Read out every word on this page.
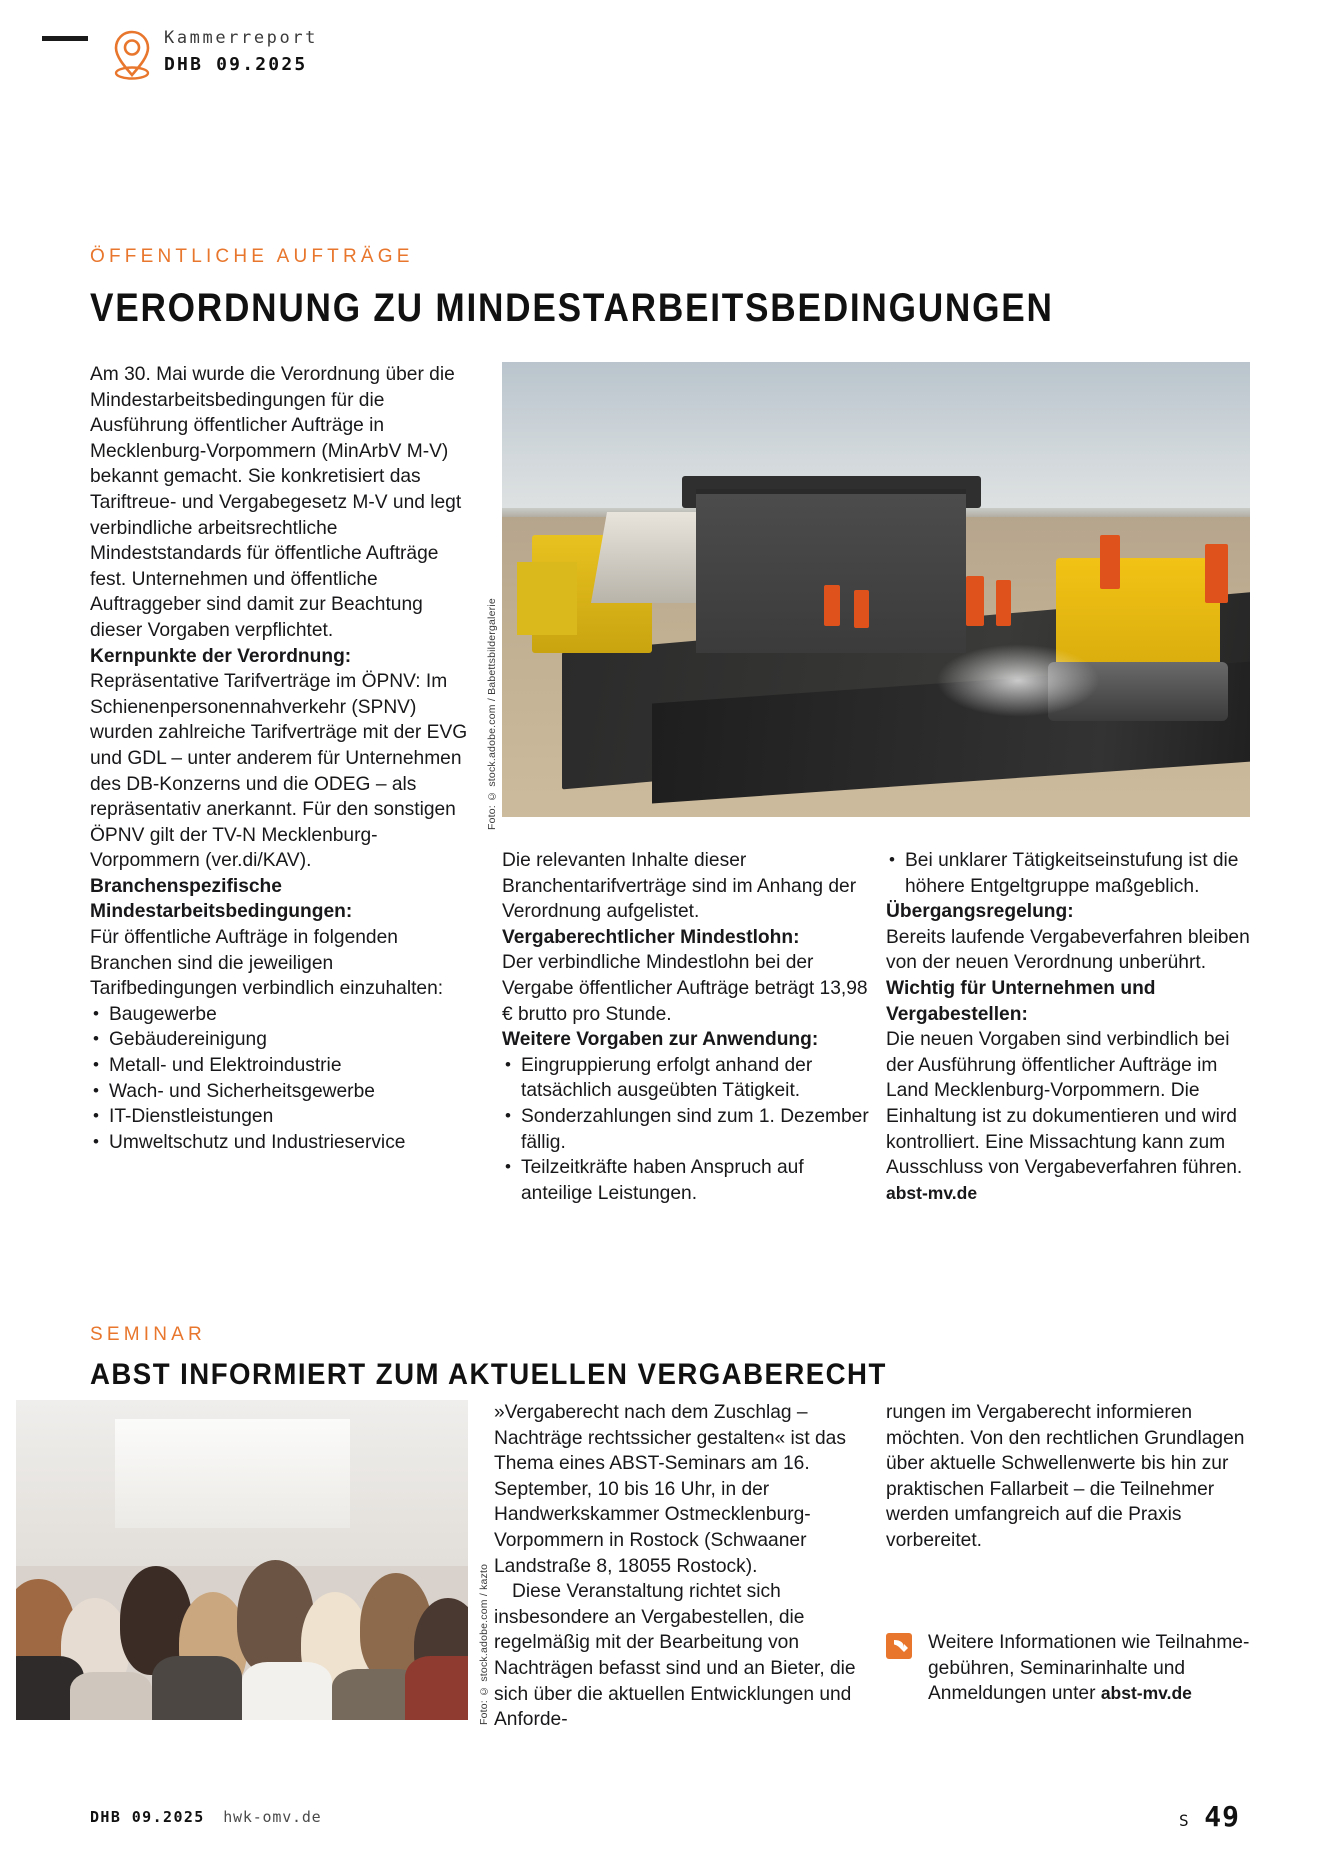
Kammerreport
DHB 09.2025
ÖFFENTLICHE AUFTRÄGE
VERORDNUNG ZU MINDESTARBEITSBEDINGUNGEN
Foto: © stock.adobe.com / Babettsbildergalerie

Am 30. Mai wurde die Verordnung über die Mindestarbeitsbedingungen für die Ausführung öffentlicher Aufträge in Mecklenburg-Vorpommern (MinArbV M-V) bekannt gemacht. Sie konkretisiert das Tariftreue- und Vergabegesetz M-V und legt verbindliche arbeitsrechtliche Mindeststandards für öffentliche Aufträge fest. Unternehmen und öffentliche Auftraggeber sind damit zur Beachtung dieser Vorgaben verpflichtet.

Kernpunkte der Verordnung:

Repräsentative Tarifverträge im ÖPNV: Im Schienenpersonennahverkehr (SPNV) wurden zahlreiche Tarifverträge mit der EVG und GDL – unter anderem für Unternehmen des DB-Konzerns und die ODEG – als repräsentativ anerkannt. Für den sonstigen ÖPNV gilt der TV-N Mecklenburg-Vorpommern (ver.di/KAV).

Branchenspezifische Mindestarbeitsbedingungen:

Für öffentliche Aufträge in folgenden Branchen sind die jeweiligen Tarifbedingungen verbindlich einzuhalten:

• Baugewerbe
• Gebäudereinigung
• Metall- und Elektroindustrie
• Wach- und Sicherheitsgewerbe
• IT-Dienstleistungen
• Umweltschutz und Industrieservice

Die relevanten Inhalte dieser Branchentarifverträge sind im Anhang der Verordnung aufgelistet.

Vergaberechtlicher Mindestlohn:

Der verbindliche Mindestlohn bei der Vergabe öffentlicher Aufträge beträgt 13,98 € brutto pro Stunde.

Weitere Vorgaben zur Anwendung:

• Eingruppierung erfolgt anhand der tatsächlich ausgeübten Tätigkeit.
• Sonderzahlungen sind zum 1. Dezember fällig.
• Teilzeitkräfte haben Anspruch auf anteilige Leistungen.
• Bei unklarer Tätigkeitseinstufung ist die höhere Entgeltgruppe maßgeblich.

Übergangsregelung:

Bereits laufende Vergabeverfahren bleiben von der neuen Verordnung unberührt.

Wichtig für Unternehmen und Vergabestellen:

Die neuen Vorgaben sind verbindlich bei der Ausführung öffentlicher Aufträge im Land Mecklenburg-Vorpommern. Die Einhaltung ist zu dokumentieren und wird kontrolliert. Eine Missachtung kann zum Ausschluss von Vergabeverfahren führen.

abst-mv.de

SEMINAR
ABST INFORMIERT ZUM AKTUELLEN VERGABERECHT
Foto: © stock.adobe.com / kazto

»Vergaberecht nach dem Zuschlag – Nachträge rechtssicher gestalten« ist das Thema eines ABST-Seminars am 16. September, 10 bis 16 Uhr, in der Handwerkskammer Ostmecklenburg-Vorpommern in Rostock (Schwaaner Landstraße 8, 18055 Rostock).

Diese Veranstaltung richtet sich insbesondere an Vergabestellen, die regelmäßig mit der Bearbeitung von Nachträgen befasst sind und an Bieter, die sich über die aktuellen Entwicklungen und Anforde-

rungen im Vergaberecht informieren möchten. Von den rechtlichen Grundlagen über aktuelle Schwellenwerte bis hin zur praktischen Fallarbeit – die Teilnehmer werden umfangreich auf die Praxis vorbereitet.

Weitere Informationen wie Teilnahme-

gebühren, Seminarinhalte und

Anmeldungen unter abst-mv.de

DHB 09.2025 hwk-omv.de	S 49
